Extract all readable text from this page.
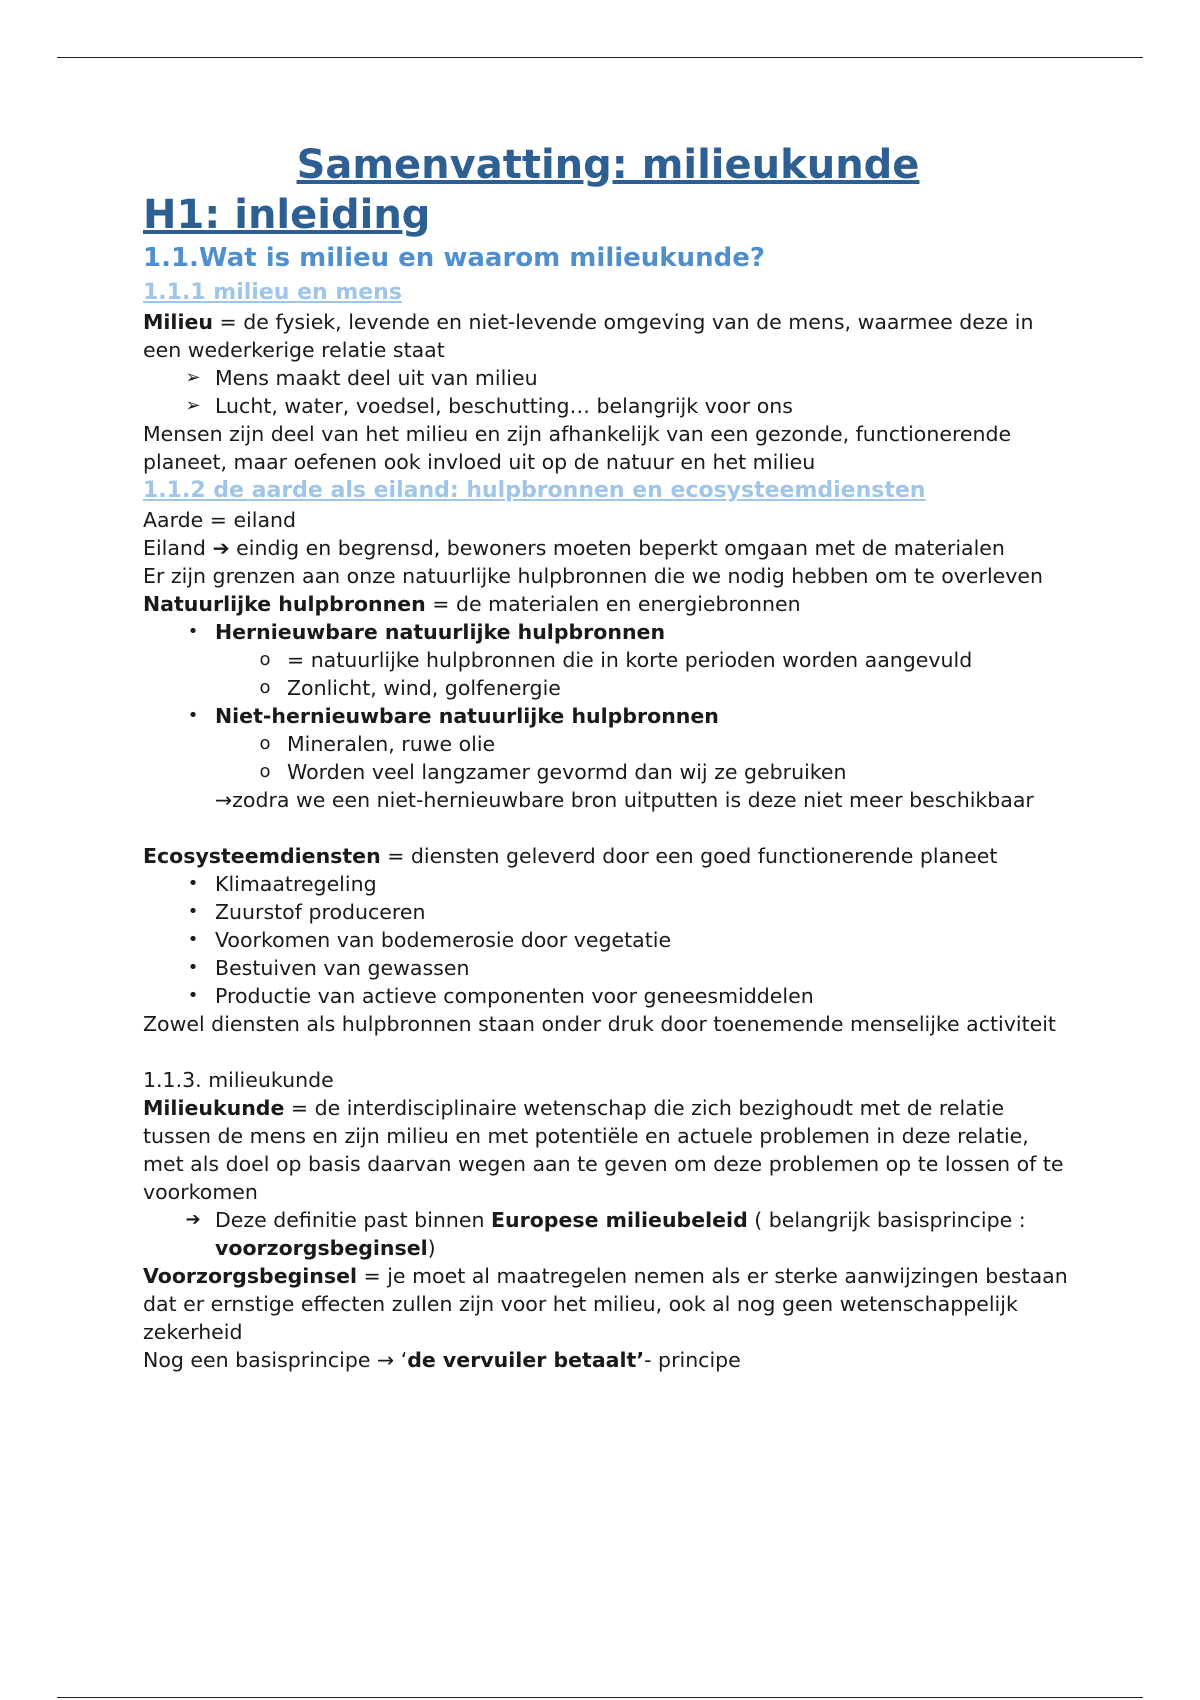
Samenvatting: milieukunde
H1: inleiding
1.1.Wat is milieu en waarom milieukunde?
1.1.1 milieu en mens

Milieu = de fysiek, levende en niet-levende omgeving van de mens, waarmee deze in een wederkerige relatie staat

➢ Mens maakt deel uit van milieu
➢ Lucht, water, voedsel, beschutting… belangrijk voor ons

Mensen zijn deel van het milieu en zijn afhankelijk van een gezonde, functionerende planeet, maar oefenen ook invloed uit op de natuur en het milieu

1.1.2 de aarde als eiland: hulpbronnen en ecosysteemdiensten

Aarde = eiland

Eiland ➔ eindig en begrensd, bewoners moeten beperkt omgaan met de materialen

Er zijn grenzen aan onze natuurlijke hulpbronnen die we nodig hebben om te overleven

Natuurlijke hulpbronnen = de materialen en energiebronnen

• Hernieuwbare natuurlijke hulpbronnen
o = natuurlijke hulpbronnen die in korte perioden worden aangevuld
o Zonlicht, wind, golfenergie
• Niet-hernieuwbare natuurlijke hulpbronnen
o Mineralen, ruwe olie
o Worden veel langzamer gevormd dan wij ze gebruiken
→zodra we een niet-hernieuwbare bron uitputten is deze niet meer beschikbaar

Ecosysteemdiensten = diensten geleverd door een goed functionerende planeet

• Klimaatregeling
• Zuurstof produceren
• Voorkomen van bodemerosie door vegetatie
• Bestuiven van gewassen
• Productie van actieve componenten voor geneesmiddelen

Zowel diensten als hulpbronnen staan onder druk door toenemende menselijke activiteit

1.1.3. milieukunde

Milieukunde = de interdisciplinaire wetenschap die zich bezighoudt met de relatie tussen de mens en zijn milieu en met potentiële en actuele problemen in deze relatie, met als doel op basis daarvan wegen aan te geven om deze problemen op te lossen of te voorkomen

➔ Deze definitie past binnen Europese milieubeleid ( belangrijk basisprincipe : voorzorgsbeginsel)

Voorzorgsbeginsel = je moet al maatregelen nemen als er sterke aanwijzingen bestaan dat er ernstige effecten zullen zijn voor het milieu, ook al nog geen wetenschappelijk zekerheid

Nog een basisprincipe → ‘de vervuiler betaalt’- principe
